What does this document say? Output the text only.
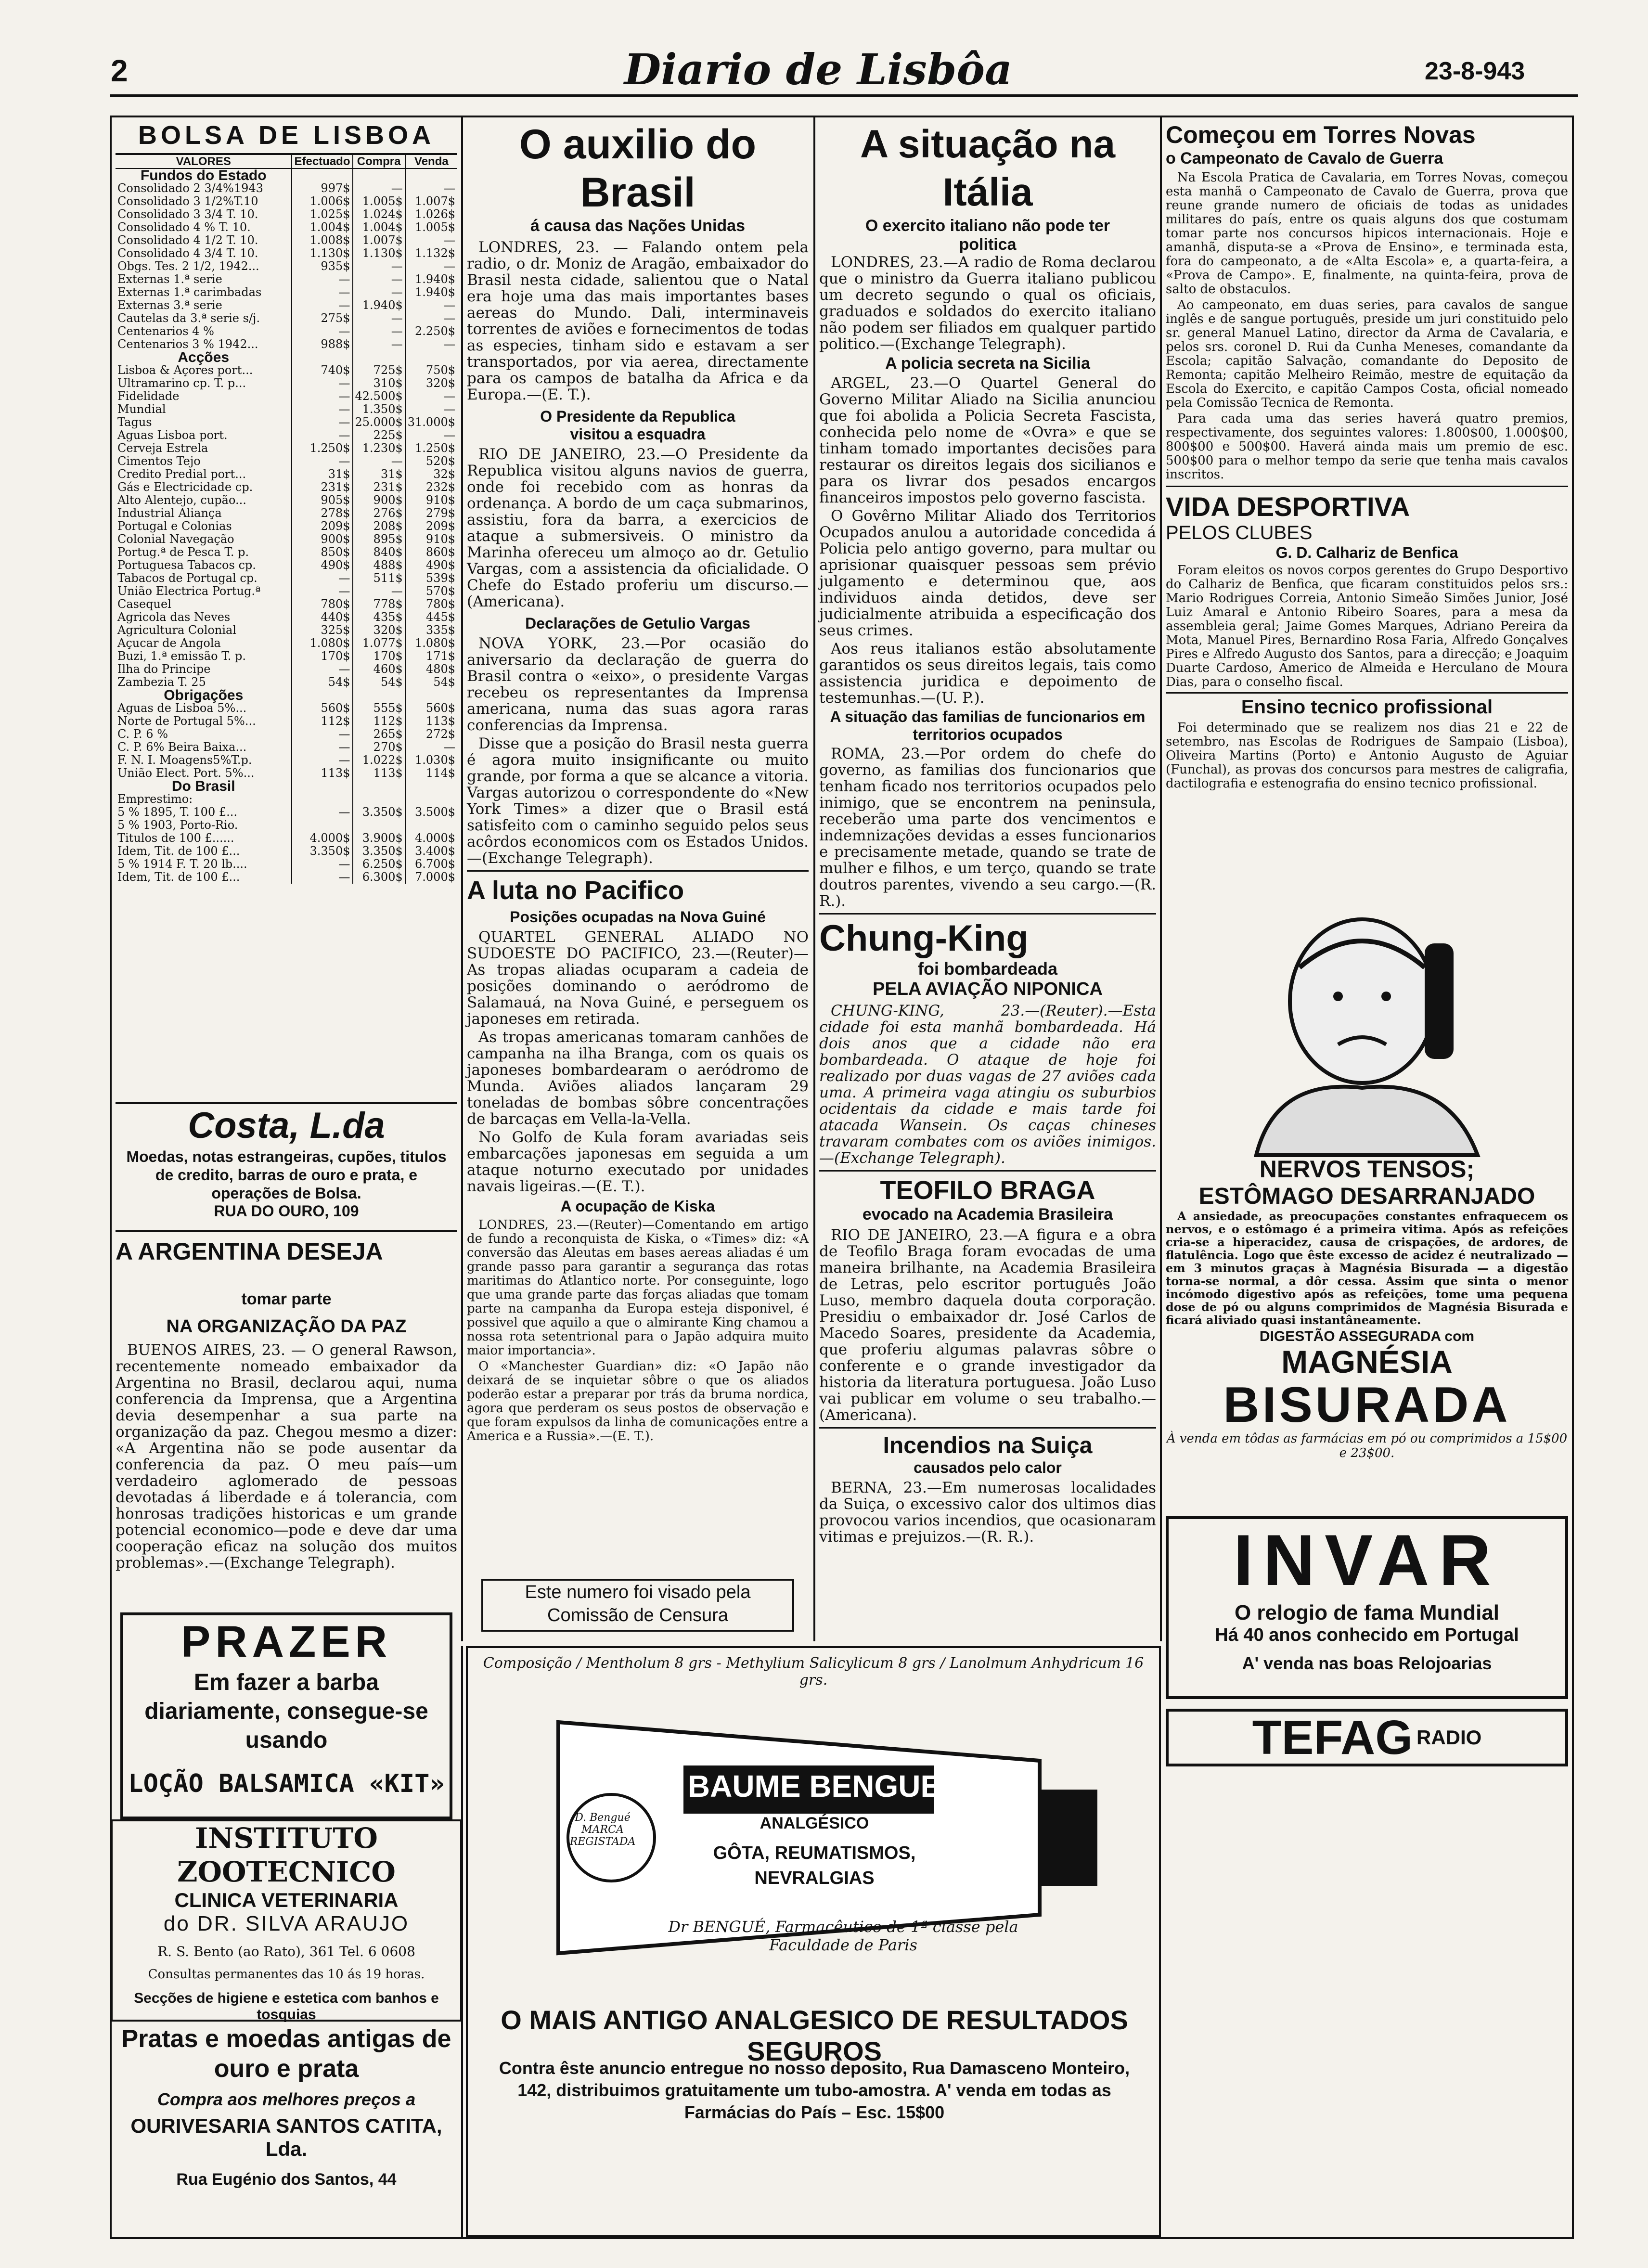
2	Diario de Lisbôa	23-8-943
BOLSA DE LISBOA
VALORES	Efectuado	Compra	Venda
Fundos do Estado			
Consolidado 2 3/4%1943	997$	—	—
Consolidado 3 1/2%T.10	1.006$	1.005$	1.007$
Consolidado 3 3/4 T. 10.	1.025$	1.024$	1.026$
Consolidado 4 % T. 10.	1.004$	1.004$	1.005$
Consolidado 4 1/2 T. 10.	1.008$	1.007$	—
Consolidado 4 3/4 T. 10.	1.130$	1.130$	1.132$
Obgs. Tes. 2 1/2, 1942...	935$	—	—
Externas 1.ª serie	—	—	1.940$
Externas 1.ª carimbadas	—	—	1.940$
Externas 3.ª serie	—	1.940$	—
Cautelas da 3.ª serie s/j.	275$	—	—
Centenarios 4 %	—	—	2.250$
Centenarios 3 % 1942...	988$	—	—
Acções			
Lisboa & Açores port...	740$	725$	750$
Ultramarino cp. T. p...	—	310$	320$
Fidelidade	—	42.500$	—
Mundial	—	1.350$	—
Tagus	—	25.000$	31.000$
Aguas Lisboa port.	—	225$	—
Cerveja Estrela	1.250$	1.230$	1.250$
Cimentos Tejo	—	—	520$
Credito Predial port...	31$	31$	32$
Gás e Electricidade cp.	231$	231$	232$
Alto Alentejo, cupão...	905$	900$	910$
Industrial Aliança	278$	276$	279$
Portugal e Colonias	209$	208$	209$
Colonial Navegação	900$	895$	910$
Portug.ª de Pesca T. p.	850$	840$	860$
Portuguesa Tabacos cp.	490$	488$	490$
Tabacos de Portugal cp.	—	511$	539$
União Electrica Portug.ª	—	—	570$
Casequel	780$	778$	780$
Agricola das Neves	440$	435$	445$
Agricultura Colonial	325$	320$	335$
Açucar de Angola	1.080$	1.077$	1.080$
Buzi, 1.ª emissão T. p.	170$	170$	171$
Ilha do Principe	—	460$	480$
Zambezia T. 25	54$	54$	54$
Obrigações			
Aguas de Lisboa 5%...	560$	555$	560$
Norte de Portugal 5%...	112$	112$	113$
C. P. 6 %	—	265$	272$
C. P. 6% Beira Baixa...	—	270$	—
F. N. I. Moagens5%T.p.	—	1.022$	1.030$
União Elect. Port. 5%...	113$	113$	114$
Do Brasil			
Emprestimo:			
5 % 1895, T. 100 £...	—	3.350$	3.500$
5 % 1903, Porto-Rio.			
Titulos de 100 £......	4.000$	3.900$	4.000$
Idem, Tit. de 100 £...	3.350$	3.350$	3.400$
5 % 1914 F. T. 20 lb....	—	6.250$	6.700$
Idem, Tit. de 100 £...	—	6.300$	7.000$
Costa, L.da
Moedas, notas estrangeiras, cupões, titulos de credito, barras de ouro e prata, e operações de Bolsa.
RUA DO OURO, 109
A ARGENTINA DESEJA
tomar parte
NA ORGANIZAÇÃO DA PAZ

BUENOS AIRES, 23. — O general Rawson, recentemente nomeado embaixador da Argentina no Brasil, declarou aqui, numa conferencia da Imprensa, que a Argentina devia desempenhar a sua parte na organização da paz. Chegou mesmo a dizer: «A Argentina não se pode ausentar da conferencia da paz. O meu país—um verdadeiro aglomerado de pessoas devotadas á liberdade e á tolerancia, com honrosas tradições historicas e um grande potencial economico—pode e deve dar uma cooperação eficaz na solução dos muitos problemas».—(Exchange Telegraph).

PRAZER
Em fazer a barba diariamente, consegue-se usando
LOÇÃO BALSAMICA «KIT»
INSTITUTO ZOOTECNICO
CLINICA VETERINARIA
do DR. SILVA ARAUJO
R. S. Bento (ao Rato), 361 Tel. 6 0608
Consultas permanentes das 10 ás 19 horas.
Secções de higiene e estetica com banhos e tosquias
Pratas e moedas antigas de ouro e prata
Compra aos melhores preços a
OURIVESARIA SANTOS CATITA, Lda.
Rua Eugénio dos Santos, 44
O auxilio do Brasil
á causa das Nações Unidas

LONDRES, 23. — Falando ontem pela radio, o dr. Moniz de Aragão, embaixador do Brasil nesta cidade, salientou que o Natal era hoje uma das mais importantes bases aereas do Mundo. Dali, interminaveis torrentes de aviões e fornecimentos de todas as especies, tinham sido e estavam a ser transportados, por via aerea, directamente para os campos de batalha da Africa e da Europa.—(E. T.).

O Presidente da Republica
visitou a esquadra

RIO DE JANEIRO, 23.—O Presidente da Republica visitou alguns navios de guerra, onde foi recebido com as honras da ordenança. A bordo de um caça submarinos, assistiu, fora da barra, a exercicios de ataque a submersiveis. O ministro da Marinha ofereceu um almoço ao dr. Getulio Vargas, com a assistencia da oficialidade. O Chefe do Estado proferiu um discurso.—(Americana).

Declarações de Getulio Vargas

NOVA YORK, 23.—Por ocasião do aniversario da declaração de guerra do Brasil contra o «eixo», o presidente Vargas recebeu os representantes da Imprensa americana, numa das suas agora raras conferencias da Imprensa.

Disse que a posição do Brasil nesta guerra é agora muito insignificante ou muito grande, por forma a que se alcance a vitoria. Vargas autorizou o correspondente do «New York Times» a dizer que o Brasil está satisfeito com o caminho seguido pelos seus acôrdos economicos com os Estados Unidos.—(Exchange Telegraph).

A luta no Pacifico
Posições ocupadas na Nova Guiné

QUARTEL GENERAL ALIADO NO SUDOESTE DO PACIFICO, 23.—(Reuter)—As tropas aliadas ocuparam a cadeia de posições dominando o aeródromo de Salamauá, na Nova Guiné, e perseguem os japoneses em retirada.

As tropas americanas tomaram canhões de campanha na ilha Branga, com os quais os japoneses bombardearam o aeródromo de Munda. Aviões aliados lançaram 29 toneladas de bombas sôbre concentrações de barcaças em Vella-la-Vella.

No Golfo de Kula foram avariadas seis embarcações japonesas em seguida a um ataque noturno executado por unidades navais ligeiras.—(E. T.).

A ocupação de Kiska

LONDRES, 23.—(Reuter)—Comentando em artigo de fundo a reconquista de Kiska, o «Times» diz: «A conversão das Aleutas em bases aereas aliadas é um grande passo para garantir a segurança das rotas maritimas do Atlantico norte. Por conseguinte, logo que uma grande parte das forças aliadas que tomam parte na campanha da Europa esteja disponivel, é possivel que aquilo a que o almirante King chamou a nossa rota setentrional para o Japão adquira muito maior importancia».

O «Manchester Guardian» diz: «O Japão não deixará de se inquietar sôbre o que os aliados poderão estar a preparar por trás da bruma nordica, agora que perderam os seus postos de observação e que foram expulsos da linha de comunicações entre a America e a Russia».—(E. T.).

Este numero foi visado pela Comissão de Censura
A situação na Itália
O exercito italiano não pode ter politica

LONDRES, 23.—A radio de Roma declarou que o ministro da Guerra italiano publicou um decreto segundo o qual os oficiais, graduados e soldados do exercito italiano não podem ser filiados em qualquer partido politico.—(Exchange Telegraph).

A policia secreta na Sicilia

ARGEL, 23.—O Quartel General do Governo Militar Aliado na Sicilia anunciou que foi abolida a Policia Secreta Fascista, conhecida pelo nome de «Ovra» e que se tinham tomado importantes decisões para restaurar os direitos legais dos sicilianos e para os livrar dos pesados encargos financeiros impostos pelo governo fascista.

O Govêrno Militar Aliado dos Territorios Ocupados anulou a autoridade concedida á Policia pelo antigo governo, para multar ou aprisionar quaisquer pessoas sem prévio julgamento e determinou que, aos individuos ainda detidos, deve ser judicialmente atribuida a especificação dos seus crimes.

Aos reus italianos estão absolutamente garantidos os seus direitos legais, tais como assistencia juridica e depoimento de testemunhas.—(U. P.).

A situação das familias de funcionarios em territorios ocupados

ROMA, 23.—Por ordem do chefe do governo, as familias dos funcionarios que tenham ficado nos territorios ocupados pelo inimigo, que se encontrem na peninsula, receberão uma parte dos vencimentos e indemnizações devidas a esses funcionarios e precisamente metade, quando se trate de mulher e filhos, e um terço, quando se trate doutros parentes, vivendo a seu cargo.—(R. R.).

Chung-King
foi bombardeada
PELA AVIAÇÃO NIPONICA

CHUNG-KING, 23.—(Reuter).—Esta cidade foi esta manhã bombardeada. Há dois anos que a cidade não era bombardeada. O ataque de hoje foi realizado por duas vagas de 27 aviões cada uma. A primeira vaga atingiu os suburbios ocidentais da cidade e mais tarde foi atacada Wansein. Os caças chineses travaram combates com os aviões inimigos.—(Exchange Telegraph).

TEOFILO BRAGA
evocado na Academia Brasileira

RIO DE JANEIRO, 23.—A figura e a obra de Teofilo Braga foram evocadas de uma maneira brilhante, na Academia Brasileira de Letras, pelo escritor português João Luso, membro daquela douta corporação. Presidiu o embaixador dr. José Carlos de Macedo Soares, presidente da Academia, que proferiu algumas palavras sôbre o conferente e o grande investigador da historia da literatura portuguesa. João Luso vai publicar em volume o seu trabalho.—(Americana).

Incendios na Suiça
causados pelo calor

BERNA, 23.—Em numerosas localidades da Suiça, o excessivo calor dos ultimos dias provocou varios incendios, que ocasionaram vitimas e prejuizos.—(R. R.).

Começou em Torres Novas
o Campeonato de Cavalo de Guerra

Na Escola Pratica de Cavalaria, em Torres Novas, começou esta manhã o Campeonato de Cavalo de Guerra, prova que reune grande numero de oficiais de todas as unidades militares do país, entre os quais alguns dos que costumam tomar parte nos concursos hipicos internacionais. Hoje e amanhã, disputa-se a «Prova de Ensino», e terminada esta, fora do campeonato, a de «Alta Escola» e, a quarta-feira, a «Prova de Campo». E, finalmente, na quinta-feira, prova de salto de obstaculos.

Ao campeonato, em duas series, para cavalos de sangue inglês e de sangue português, preside um juri constituido pelo sr. general Manuel Latino, director da Arma de Cavalaria, e pelos srs. coronel D. Rui da Cunha Meneses, comandante da Escola; capitão Salvação, comandante do Deposito de Remonta; capitão Melheiro Reimão, mestre de equitação da Escola do Exercito, e capitão Campos Costa, oficial nomeado pela Comissão Tecnica de Remonta.

Para cada uma das series haverá quatro premios, respectivamente, dos seguintes valores: 1.800$00, 1.000$00, 800$00 e 500$00. Haverá ainda mais um premio de esc. 500$00 para o melhor tempo da serie que tenha mais cavalos inscritos.

VIDA DESPORTIVA
PELOS CLUBES
G. D. Calhariz de Benfica

Foram eleitos os novos corpos gerentes do Grupo Desportivo do Calhariz de Benfica, que ficaram constituidos pelos srs.: Mario Rodrigues Correia, Antonio Simeão Simões Junior, José Luiz Amaral e Antonio Ribeiro Soares, para a mesa da assembleia geral; Jaime Gomes Marques, Adriano Pereira da Mota, Manuel Pires, Bernardino Rosa Faria, Alfredo Gonçalves Pires e Alfredo Augusto dos Santos, para a direcção; e Joaquim Duarte Cardoso, Americo de Almeida e Herculano de Moura Dias, para o conselho fiscal.

Ensino tecnico profissional

Foi determinado que se realizem nos dias 21 e 22 de setembro, nas Escolas de Rodrigues de Sampaio (Lisboa), Oliveira Martins (Porto) e Antonio Augusto de Aguiar (Funchal), as provas dos concursos para mestres de caligrafia, dactilografia e estenografia do ensino tecnico profissional.

NERVOS TENSOS;
ESTÔMAGO DESARRANJADO

A ansiedade, as preocupações constantes enfraquecem os nervos, e o estômago é a primeira vitima. Após as refeições cria-se a hiperacidez, causa de crispações, de ardores, de flatulência. Logo que êste excesso de acidez é neutralizado — em 3 minutos graças à Magnésia Bisurada — a digestão torna-se normal, a dôr cessa. Assim que sinta o menor incómodo digestivo após as refeições, tome uma pequena dose de pó ou alguns comprimidos de Magnésia Bisurada e ficará aliviado quasi instantâneamente.

DIGESTÃO ASSEGURADA com
MAGNÉSIA
BISURADA
À venda em tôdas as farmácias em pó ou comprimidos a 15$00 e 23$00.
INVAR
O relogio de fama Mundial
Há 40 anos conhecido em Portugal
A' venda nas boas Relojoarias
TEFAG RADIO
Composição / Mentholum 8 grs - Methylium Salicylicum 8 grs / Lanolmum Anhydricum 16 grs.
BAUME BENGUE
ANALGÉSICO
GÔTA, REUMATISMOS, NEVRALGIAS
D. Bengué MARCA REGISTADA
Dr BENGUÉ, Farmacêutico de 1ª classe pela Faculdade de Paris
O MAIS ANTIGO ANALGESICO DE RESULTADOS SEGUROS
Contra êste anuncio entregue no nosso deposito, Rua Damasceno Monteiro, 142, distribuimos gratuitamente um tubo-amostra. A' venda em todas as Farmácias do País – Esc. 15$00
